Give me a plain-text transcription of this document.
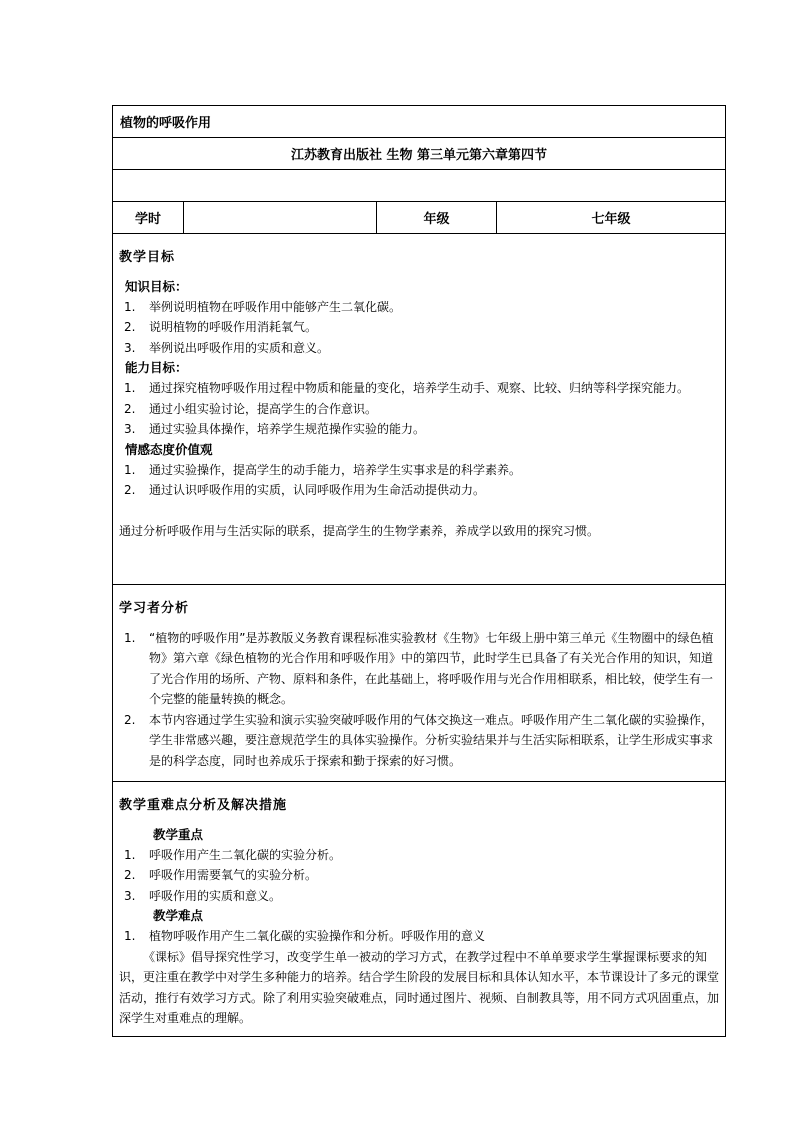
植物的呼吸作用
江苏教育出版社 生物 第三单元第六章第四节

学时		年级	七年级

教学目标
知识目标：
1.	举例说明植物在呼吸作用中能够产生二氧化碳。
2.	说明植物的呼吸作用消耗氧气。
3.	举例说出呼吸作用的实质和意义。
能力目标：
1.	通过探究植物呼吸作用过程中物质和能量的变化，培养学生动手、观察、比较、归纳等科学探究能力。
2.	通过小组实验讨论，提高学生的合作意识。
3.	通过实验具体操作，培养学生规范操作实验的能力。
情感态度价值观
1.	通过实验操作，提高学生的动手能力，培养学生实事求是的科学素养。
2.	通过认识呼吸作用的实质，认同呼吸作用为生命活动提供动力。
通过分析呼吸作用与生活实际的联系，提高学生的生物学素养，养成学以致用的探究习惯。

学习者分析
1.	“植物的呼吸作用”是苏教版义务教育课程标准实验教材《生物》七年级上册中第三单元《生物圈中的绿色植物》第六章《绿色植物的光合作用和呼吸作用》中的第四节，此时学生已具备了有关光合作用的知识，知道了光合作用的场所、产物、原料和条件，在此基础上，将呼吸作用与光合作用相联系，相比较，使学生有一个完整的能量转换的概念。
2.	本节内容通过学生实验和演示实验突破呼吸作用的气体交换这一难点。呼吸作用产生二氧化碳的实验操作，学生非常感兴趣，要注意规范学生的具体实验操作。分析实验结果并与生活实际相联系，让学生形成实事求是的科学态度，同时也养成乐于探索和勤于探索的好习惯。

教学重难点分析及解决措施
教学重点
1.	呼吸作用产生二氧化碳的实验分析。
2.	呼吸作用需要氧气的实验分析。
3.	呼吸作用的实质和意义。
教学难点
1.	植物呼吸作用产生二氧化碳的实验操作和分析。呼吸作用的意义
《课标》倡导探究性学习，改变学生单一被动的学习方式，在教学过程中不单单要求学生掌握课标要求的知识，更注重在教学中对学生多种能力的培养。结合学生阶段的发展目标和具体认知水平，本节课设计了多元的课堂活动，推行有效学习方式。除了利用实验突破难点，同时通过图片、视频、自制教具等，用不同方式巩固重点，加深学生对重难点的理解。
